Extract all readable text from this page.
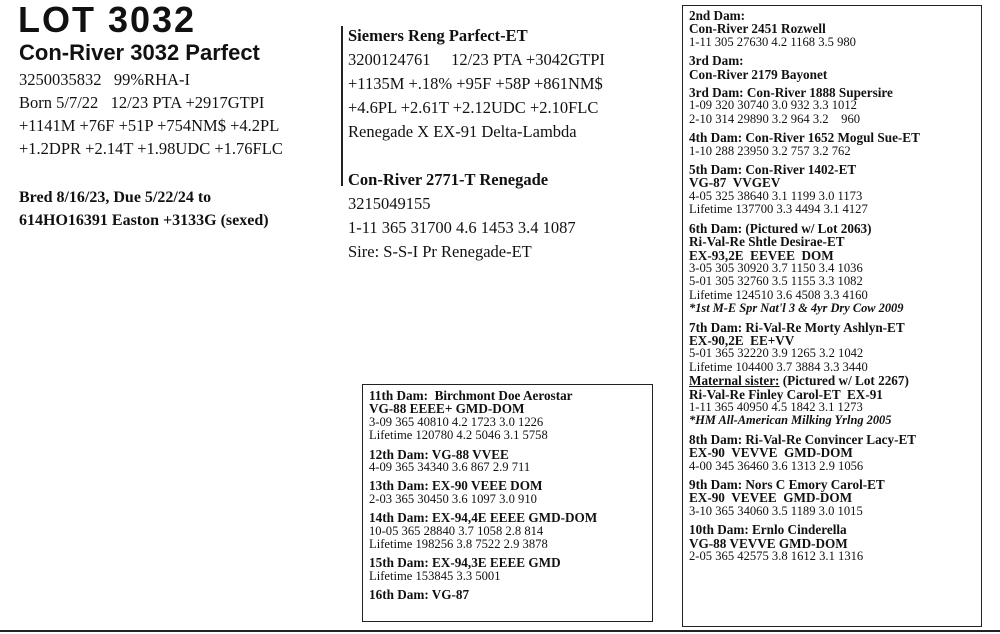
LOT 3032
Con-River 3032 Parfect
3250035832   99%RHA-I
Born 5/7/22   12/23 PTA +2917GTPI
+1141M +76F +51P +754NM$ +4.2PL
+1.2DPR +2.14T +1.98UDC +1.76FLC
Bred 8/16/23, Due 5/22/24 to
614HO16391 Easton +3133G (sexed)
Siemers Reng Parfect-ET
3200124761     12/23 PTA +3042GTPI
+1135M +.18% +95F +58P +861NM$
+4.6PL +2.61T +2.12UDC +2.10FLC
Renegade X EX-91 Delta-Lambda
Con-River 2771-T Renegade
3215049155
1-11 365 31700 4.6 1453 3.4 1087
Sire: S-S-I Pr Renegade-ET
2nd Dam:
Con-River 2451 Rozwell
1-11 305 27630 4.2 1168 3.5 980
3rd Dam:
Con-River 2179 Bayonet
3rd Dam: Con-River 1888 Supersire
1-09 320 30740 3.0 932 3.3 1012
2-10 314 29890 3.2 964 3.2    960
4th Dam: Con-River 1652 Mogul Sue-ET
1-10 288 23950 3.2 757 3.2 762
5th Dam: Con-River 1402-ET
VG-87  VVGEV
4-05 325 38640 3.1 1199 3.0 1173
Lifetime 137700 3.3 4494 3.1 4127
6th Dam: (Pictured w/ Lot 2063)
Ri-Val-Re Shtle Desirae-ET
EX-93,2E  EEVEE  DOM
3-05 305 30920 3.7 1150 3.4 1036
5-01 305 32760 3.5 1155 3.3 1082
Lifetime 124510 3.6 4508 3.3 4160
*1st M-E Spr Nat'l 3 & 4yr Dry Cow 2009
7th Dam: Ri-Val-Re Morty Ashlyn-ET
EX-90,2E  EE+VV
5-01 365 32220 3.9 1265 3.2 1042
Lifetime 104400 3.7 3884 3.3 3440
Maternal sister: (Pictured w/ Lot 2267)
Ri-Val-Re Finley Carol-ET  EX-91
1-11 365 40950 4.5 1842 3.1 1273
*HM All-American Milking Yrlng 2005
8th Dam: Ri-Val-Re Convincer Lacy-ET
EX-90  VEVVE  GMD-DOM
4-00 345 36460 3.6 1313 2.9 1056
9th Dam: Nors C Emory Carol-ET
EX-90  VEVEE  GMD-DOM
3-10 365 34060 3.5 1189 3.0 1015
10th Dam: Ernlo Cinderella
VG-88 VEVVE GMD-DOM
2-05 365 42575 3.8 1612 3.1 1316
11th Dam:  Birchmont Doe Aerostar
VG-88 EEEE+ GMD-DOM
3-09 365 40810 4.2 1723 3.0 1226
Lifetime 120780 4.2 5046 3.1 5758
12th Dam: VG-88 VVEE
4-09 365 34340 3.6 867 2.9 711
13th Dam: EX-90 VEEE DOM
2-03 365 30450 3.6 1097 3.0 910
14th Dam: EX-94,4E EEEE GMD-DOM
10-05 365 28840 3.7 1058 2.8 814
Lifetime 198256 3.8 7522 2.9 3878
15th Dam: EX-94,3E EEEE GMD
Lifetime 153845 3.3 5001
16th Dam: VG-87
